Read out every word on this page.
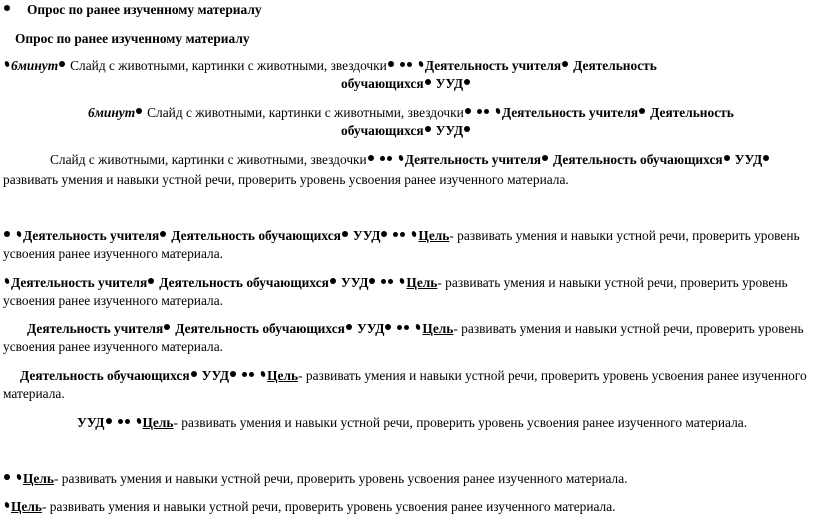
Опрос по ранее изученному материалу
Опрос по ранее изученному материалу
6минут Слайд с животными, картинки с животными, звездочки	Деятельность учителя Деятельность
обучающихся УУД
6минут Слайд с животными, картинки с животными, звездочки	Деятельность учителя Деятельность
обучающихся УУД
Слайд с животными, картинки с животными, звездочки	Деятельность учителя Деятельность обучающихся УУД
развивать умения и навыки устной речи, проверить уровень усвоения ранее изученного материала.
Деятельность учителя Деятельность обучающихся УУД	Цель- развивать умения и навыки устной речи, проверить уровень
усвоения ранее изученного материала.
Деятельность учителя Деятельность обучающихся УУД	Цель- развивать умения и навыки устной речи, проверить уровень
усвоения ранее изученного материала.
Деятельность учителя Деятельность обучающихся УУД	Цель- развивать умения и навыки устной речи, проверить уровень
усвоения ранее изученного материала.
Деятельность обучающихся УУД	Цель- развивать умения и навыки устной речи, проверить уровень усвоения ранее изученного
материала.
УУД	Цель- развивать умения и навыки устной речи, проверить уровень усвоения ранее изученного материала.
Цель- развивать умения и навыки устной речи, проверить уровень усвоения ранее изученного материала.
Цель- развивать умения и навыки устной речи, проверить уровень усвоения ранее изученного материала.
